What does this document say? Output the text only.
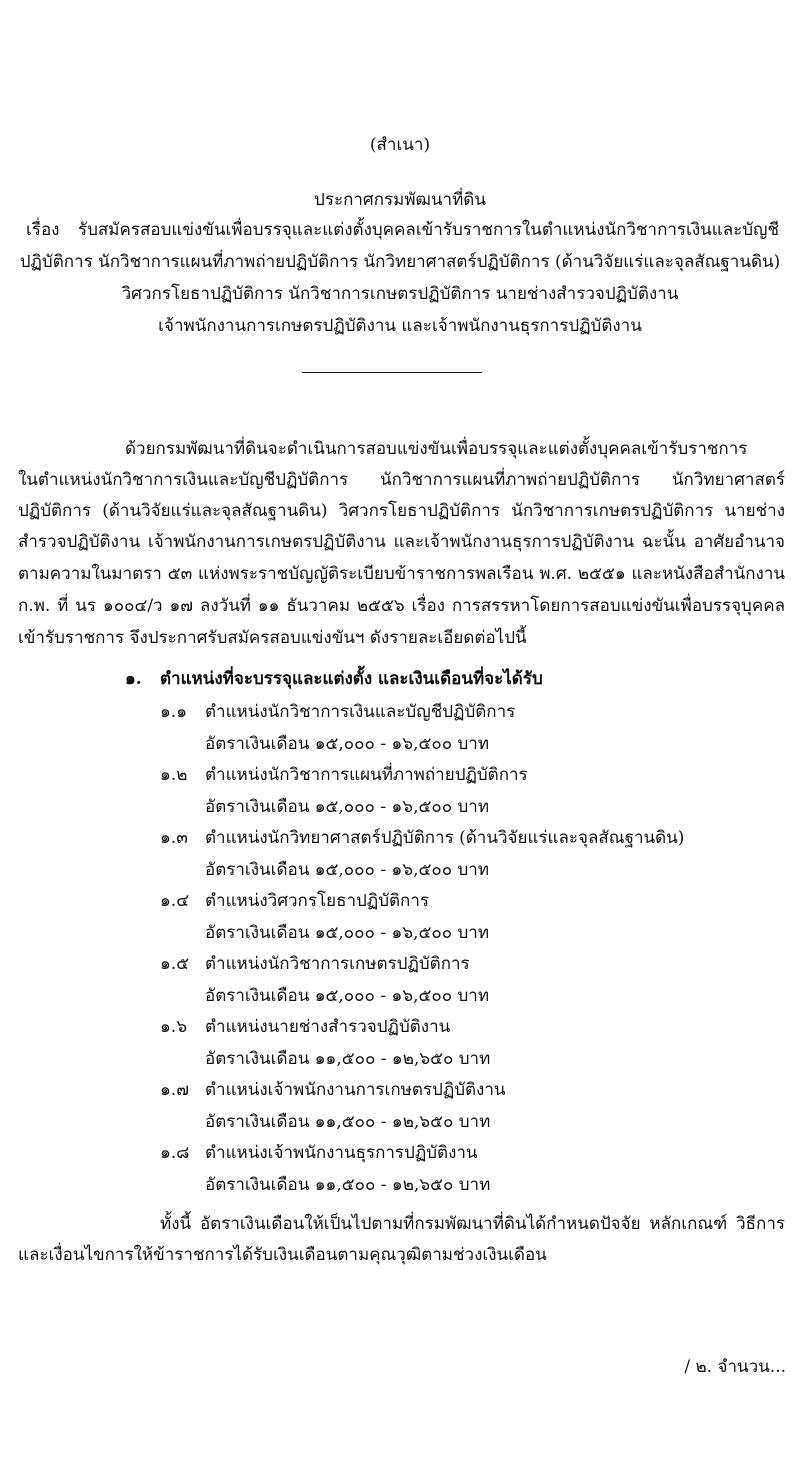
(สำเนา)
ประกาศกรมพัฒนาที่ดิน
เรื่อง รับสมัครสอบแข่งขันเพื่อบรรจุและแต่งตั้งบุคคลเข้ารับราชการในตำแหน่งนักวิชาการเงินและบัญชี
ปฏิบัติการ นักวิชาการแผนที่ภาพถ่ายปฏิบัติการ นักวิทยาศาสตร์ปฏิบัติการ (ด้านวิจัยแร่และจุลสัณฐานดิน)
วิศวกรโยธาปฏิบัติการ นักวิชาการเกษตรปฏิบัติการ นายช่างสำรวจปฏิบัติงาน
เจ้าพนักงานการเกษตรปฏิบัติงาน และเจ้าพนักงานธุรการปฏิบัติงาน
ด้วยกรมพัฒนาที่ดินจะดำเนินการสอบแข่งขันเพื่อบรรจุและแต่งตั้งบุคคลเข้ารับราชการ
ในตำแหน่งนักวิชาการเงินและบัญชีปฏิบัติการ นักวิชาการแผนที่ภาพถ่ายปฏิบัติการ นักวิทยาศาสตร์
ปฏิบัติการ (ด้านวิจัยแร่และจุลสัณฐานดิน) วิศวกรโยธาปฏิบัติการ นักวิชาการเกษตรปฏิบัติการ นายช่าง
สำรวจปฏิบัติงาน เจ้าพนักงานการเกษตรปฏิบัติงาน และเจ้าพนักงานธุรการปฏิบัติงาน ฉะนั้น อาศัยอำนาจ
ตามความในมาตรา ๕๓ แห่งพระราชบัญญัติระเบียบข้าราชการพลเรือน พ.ศ. ๒๕๕๑ และหนังสือสำนักงาน
ก.พ. ที่ นร ๑๐๐๔/ว ๑๗ ลงวันที่ ๑๑ ธันวาคม ๒๕๕๖ เรื่อง การสรรหาโดยการสอบแข่งขันเพื่อบรรจุบุคคล
เข้ารับราชการ จึงประกาศรับสมัครสอบแข่งขันฯ ดังรายละเอียดต่อไปนี้
๑. ตำแหน่งที่จะบรรจุและแต่งตั้ง และเงินเดือนที่จะได้รับ
๑.๑ ตำแหน่งนักวิชาการเงินและบัญชีปฏิบัติการ
อัตราเงินเดือน ๑๕,๐๐๐ - ๑๖,๕๐๐ บาท
๑.๒ ตำแหน่งนักวิชาการแผนที่ภาพถ่ายปฏิบัติการ
อัตราเงินเดือน ๑๕,๐๐๐ - ๑๖,๕๐๐ บาท
๑.๓ ตำแหน่งนักวิทยาศาสตร์ปฏิบัติการ (ด้านวิจัยแร่และจุลสัณฐานดิน)
อัตราเงินเดือน ๑๕,๐๐๐ - ๑๖,๕๐๐ บาท
๑.๔ ตำแหน่งวิศวกรโยธาปฏิบัติการ
อัตราเงินเดือน ๑๕,๐๐๐ - ๑๖,๕๐๐ บาท
๑.๕ ตำแหน่งนักวิชาการเกษตรปฏิบัติการ
อัตราเงินเดือน ๑๕,๐๐๐ - ๑๖,๕๐๐ บาท
๑.๖ ตำแหน่งนายช่างสำรวจปฏิบัติงาน
อัตราเงินเดือน ๑๑,๕๐๐ - ๑๒,๖๕๐ บาท
๑.๗ ตำแหน่งเจ้าพนักงานการเกษตรปฏิบัติงาน
อัตราเงินเดือน ๑๑,๕๐๐ - ๑๒,๖๕๐ บาท
๑.๘ ตำแหน่งเจ้าพนักงานธุรการปฏิบัติงาน
อัตราเงินเดือน ๑๑,๕๐๐ - ๑๒,๖๕๐ บาท
ทั้งนี้ อัตราเงินเดือนให้เป็นไปตามที่กรมพัฒนาที่ดินได้กำหนดปัจจัย หลักเกณฑ์ วิธีการ
และเงื่อนไขการให้ข้าราชการได้รับเงินเดือนตามคุณวุฒิตามช่วงเงินเดือน
/ ๒. จำนวน...
